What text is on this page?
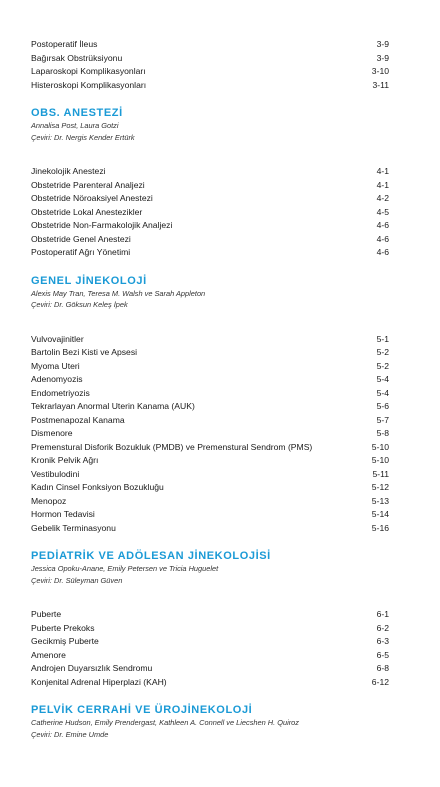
Postoperatif İleus	3-9
Bağırsak Obstrüksiyonu	3-9
Laparoskopi Komplikasyonları	3-10
Histeroskopi Komplikasyonları	3-11
OBS. ANESTEZİ
Annalisa Post, Laura Gotzi
Çeviri: Dr. Nergis Kender Ertürk
Jinekolojik Anestezi	4-1
Obstetride Parenteral Analjezi	4-1
Obstetride Nöroaksiyel Anestezi	4-2
Obstetride Lokal Anestezikler	4-5
Obstetride Non-Farmakolojik Analjezi	4-6
Obstetride Genel Anestezi	4-6
Postoperatif Ağrı Yönetimi	4-6
GENEL JİNEKOLOJİ
Alexis May Tran, Teresa M. Walsh ve Sarah Appleton
Çeviri: Dr. Göksun Keleş İpek
Vulvovajinitler	5-1
Bartolin Bezi Kisti ve Apsesi	5-2
Myoma Uteri	5-2
Adenomyozis	5-4
Endometriyozis	5-4
Tekrarlayan Anormal Uterin Kanama (AUK)	5-6
Postmenapozal Kanama	5-7
Dismenore	5-8
Premenstural Disforik Bozukluk (PMDB) ve Premenstural Sendrom (PMS)	5-10
Kronik Pelvik Ağrı	5-10
Vestibulodini	5-11
Kadın Cinsel Fonksiyon Bozukluğu	5-12
Menopoz	5-13
Hormon Tedavisi	5-14
Gebelik Terminasyonu	5-16
PEDİATRİK VE ADÖLESAN JİNEKOLOJİSİ
Jessica Opoku-Anane, Emily Petersen ve Tricia Huguelet
Çeviri: Dr. Süleyman Güven
Puberte	6-1
Puberte Prekoks	6-2
Gecikmiş Puberte	6-3
Amenore	6-5
Androjen Duyarsızlık Sendromu	6-8
Konjenital Adrenal Hiperplazi (KAH)	6-12
PELVİK CERRAHİ VE ÜROJİNEKOLOJİ
Catherine Hudson, Emily Prendergast, Kathleen A. Connell ve Liecshen H. Quiroz
Çeviri: Dr. Emine Umde
